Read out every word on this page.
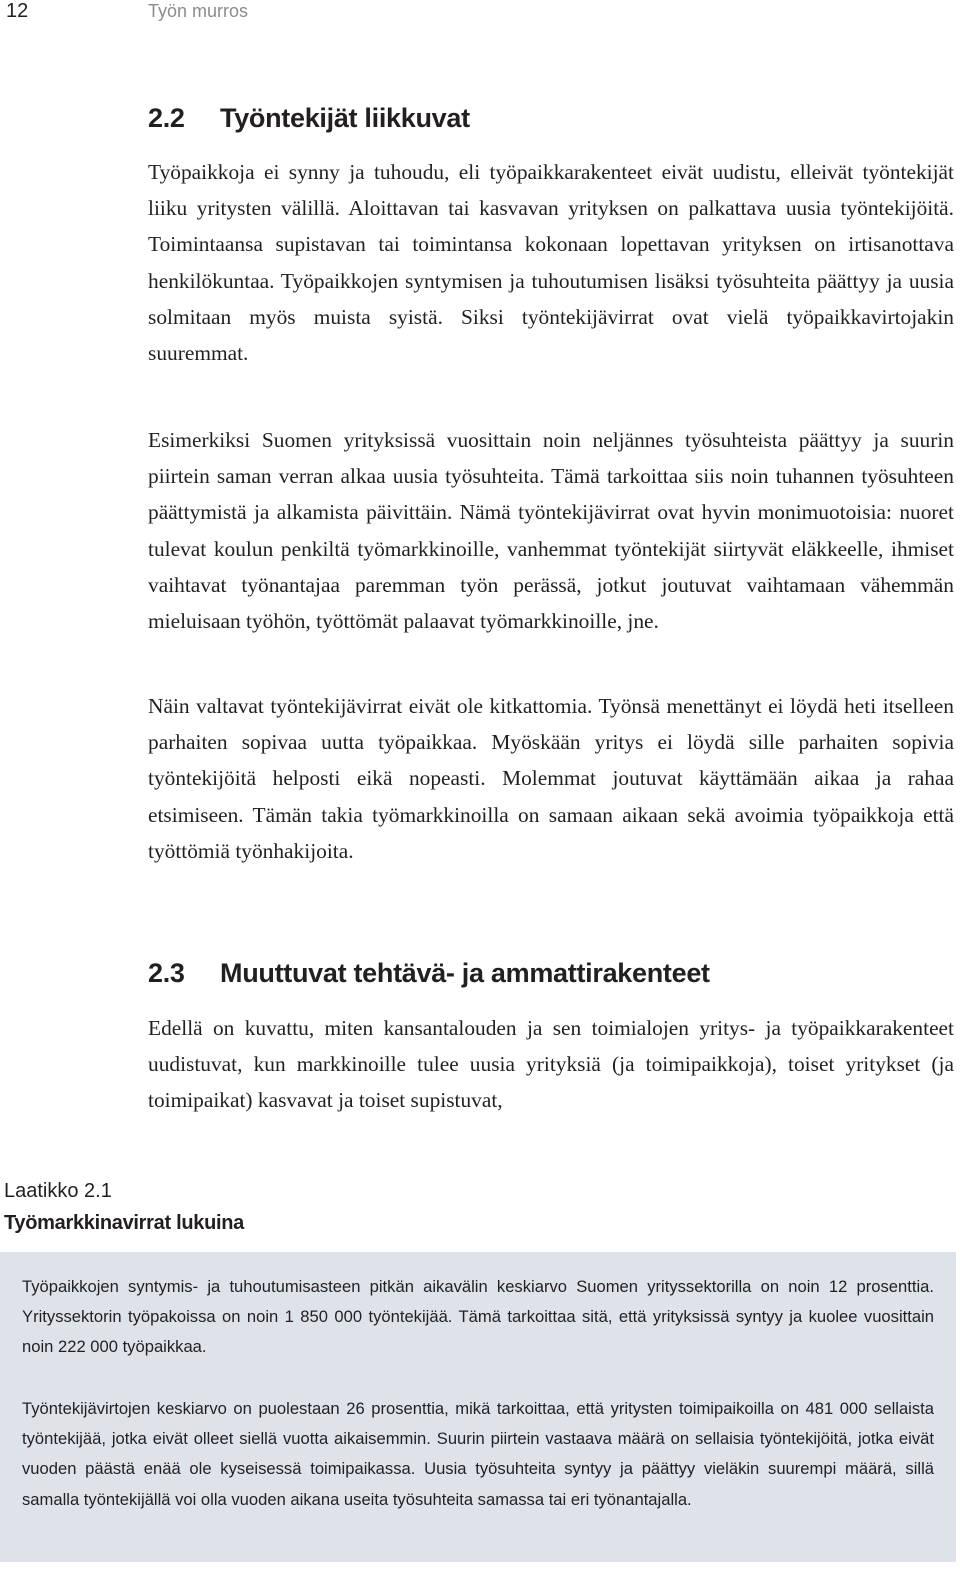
12	Työn murros
2.2 Työntekijät liikkuvat

Työpaikkoja ei synny ja tuhoudu, eli työpaikkarakenteet eivät uudistu, elleivät työntekijät liiku yritysten välillä. Aloittavan tai kasvavan yrityksen on palkattava uusia työntekijöitä. Toimintaansa supistavan tai toimintansa kokonaan lopettavan yrityksen on irtisanottava henkilökuntaa. Työpaikkojen syntymisen ja tuhoutumisen lisäksi työsuhteita päättyy ja uusia solmitaan myös muista syistä. Siksi työntekijävirrat ovat vielä työpaikkavirtojakin suuremmat.

Esimerkiksi Suomen yrityksissä vuosittain noin neljännes työsuhteista päättyy ja suurin piirtein saman verran alkaa uusia työsuhteita. Tämä tarkoittaa siis noin tuhannen työsuhteen päättymistä ja alkamista päivittäin. Nämä työntekijävirrat ovat hyvin monimuotoisia: nuoret tulevat koulun penkiltä työmarkkinoille, vanhemmat työntekijät siirtyvät eläkkeelle, ihmiset vaihtavat työnantajaa paremman työn perässä, jotkut joutuvat vaihtamaan vähemmän mieluisaan työhön, työttömät palaavat työmarkkinoille, jne.

Näin valtavat työntekijävirrat eivät ole kitkattomia. Työnsä menettänyt ei löydä heti itselleen parhaiten sopivaa uutta työpaikkaa. Myöskään yritys ei löydä sille parhaiten sopivia työntekijöitä helposti eikä nopeasti. Molemmat joutuvat käyttämään aikaa ja rahaa etsimiseen. Tämän takia työmarkkinoilla on samaan aikaan sekä avoimia työpaikkoja että työttömiä työnhakijoita.

2.3 Muuttuvat tehtävä- ja ammattirakenteet

Edellä on kuvattu, miten kansantalouden ja sen toimialojen yritys- ja työpaikkarakenteet uudistuvat, kun markkinoille tulee uusia yrityksiä (ja toimipaikkoja), toiset yritykset (ja toimipaikat) kasvavat ja toiset supistuvat,

Laatikko 2.1
Työmarkkinavirrat lukuina

Työpaikkojen syntymis- ja tuhoutumisasteen pitkän aikavälin keskiarvo Suomen yrityssektorilla on noin 12 prosenttia. Yrityssektorin työpakoissa on noin 1 850 000 työntekijää. Tämä tarkoittaa sitä, että yrityksissä syntyy ja kuolee vuosittain noin 222 000 työpaikkaa.

Työntekijävirtojen keskiarvo on puolestaan 26 prosenttia, mikä tarkoittaa, että yritysten toimipaikoilla on 481 000 sellaista työntekijää, jotka eivät olleet siellä vuotta aikaisemmin. Suurin piirtein vastaava määrä on sellaisia työntekijöitä, jotka eivät vuoden päästä enää ole kyseisessä toimipaikassa. Uusia työsuhteita syntyy ja päättyy vieläkin suurempi määrä, sillä samalla työntekijällä voi olla vuoden aikana useita työsuhteita samassa tai eri työnantajalla.
